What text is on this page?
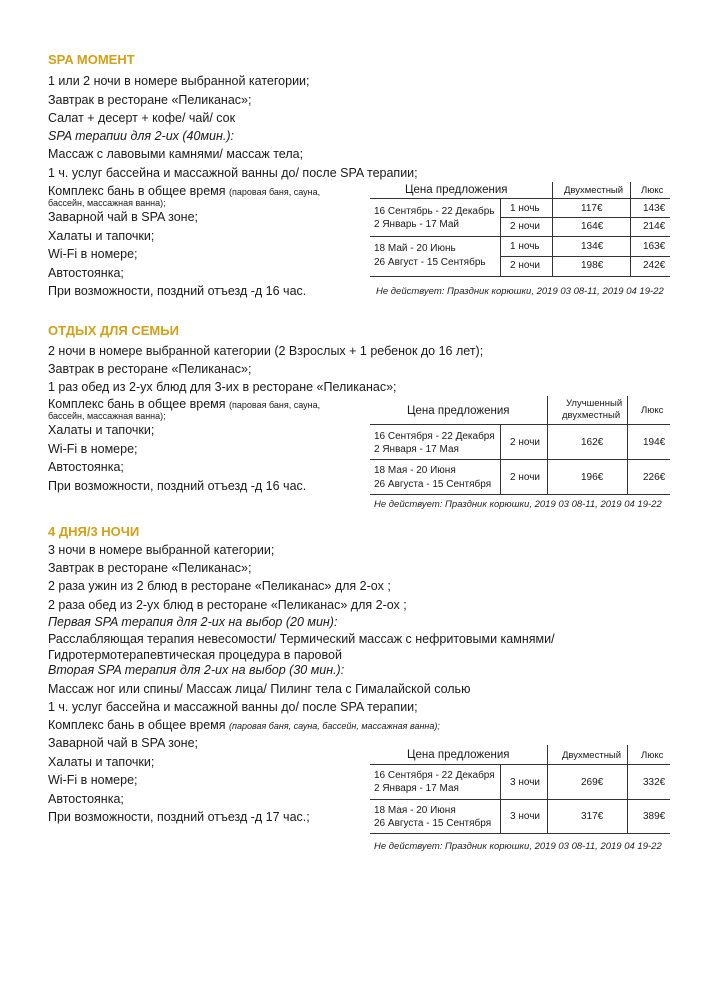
SPA МОМЕНТ
1 или 2 ночи в номере выбранной категории;
Завтрак в ресторане «Пеликанас»;
Салат + десерт + кофе/ чай/ сок
SPA терапии для 2-их (40мин.):
Массаж с лавовыми камнями/ массаж тела;
1 ч. услуг бассейна и массажной ванны до/ после SPA терапии;
Комплекс бань в общее время (паровая баня, сауна,
бассейн, массажная ванна);
Заварной чай в SPA зоне;
Халаты и тапочки;
Wi-Fi в номере;
Автостоянка;
При возможности, поздний отъезд -д 16 час.
Цена предложения	Двухместный Люкс
16 Сентябрь - 22 Декабрь
2 Январь - 17 Май
1 ночь	117€	143€
2 ночи	164€	214€
18 Май - 20 Июнь
26 Август - 15 Сентябрь
1 ночь	134€	163€
2 ночи	198€	242€
Не действует: Праздник корюшки, 2019 03 08-11, 2019 04 19-22
ОТДЫХ ДЛЯ СЕМЬИ
2 ночи в номере выбранной категории (2 Взрослых + 1 ребенок до 16 лет);
Завтрак в ресторане «Пеликанас»;
1 раз обед из 2-ух блюд для 3-их в ресторане «Пеликанас»;
Комплекс бань в общее время (паровая баня, сауна,
бассейн, массажная ванна);
Халаты и тапочки;
Wi-Fi в номере;
Автостоянка;
При возможности, поздний отъезд -д 16 час.
Цена предложения
Улучшенный
двухместный Люкс
16 Сентября - 22 Декабря
2 Января - 17 Мая
2 ночи	162€	194€
18 Мая - 20 Июня
26 Августа - 15 Сентября
2 ночи	196€	226€
Не действует: Праздник корюшки, 2019 03 08-11, 2019 04 19-22
4 ДНЯ/3 НОЧИ
3 ночи в номере выбранной категории;
Завтрак в ресторане «Пеликанас»;
2 раза ужин из 2 блюд в ресторане «Пеликанас» для 2-ох ;
2 раза обед из 2-ух блюд в ресторане «Пеликанас» для 2-ох ;
Первая SPA терапия для 2-их на выбор (20 мин):
Расслабляющая терапия невесомости/ Термический массаж с нефритовыми камнями/
Гидротермотерапевтическая процедура в паровой
Вторая SPA терапия для 2-их на выбор (30 мин.):
Массаж ног или спины/ Массаж лица/ Пилинг тела с Гималайской солью
1 ч. услуг бассейна и массажной ванны до/ после SPA терапии;
Комплекс бань в общее время (паровая баня, сауна, бассейн, массажная ванна);
Заварной чай в SPA зоне;
Халаты и тапочки;
Wi-Fi в номере;
Автостоянка;
При возможности, поздний отъезд -д 17 час.;
Цена предложения	Двухместный Люкс
16 Сентября - 22 Декабря
2 Января - 17 Мая
3 ночи	269€	332€
18 Мая - 20 Июня
26 Августа - 15 Сентября
3 ночи	317€	389€
Не действует: Праздник корюшки, 2019 03 08-11, 2019 04 19-22
